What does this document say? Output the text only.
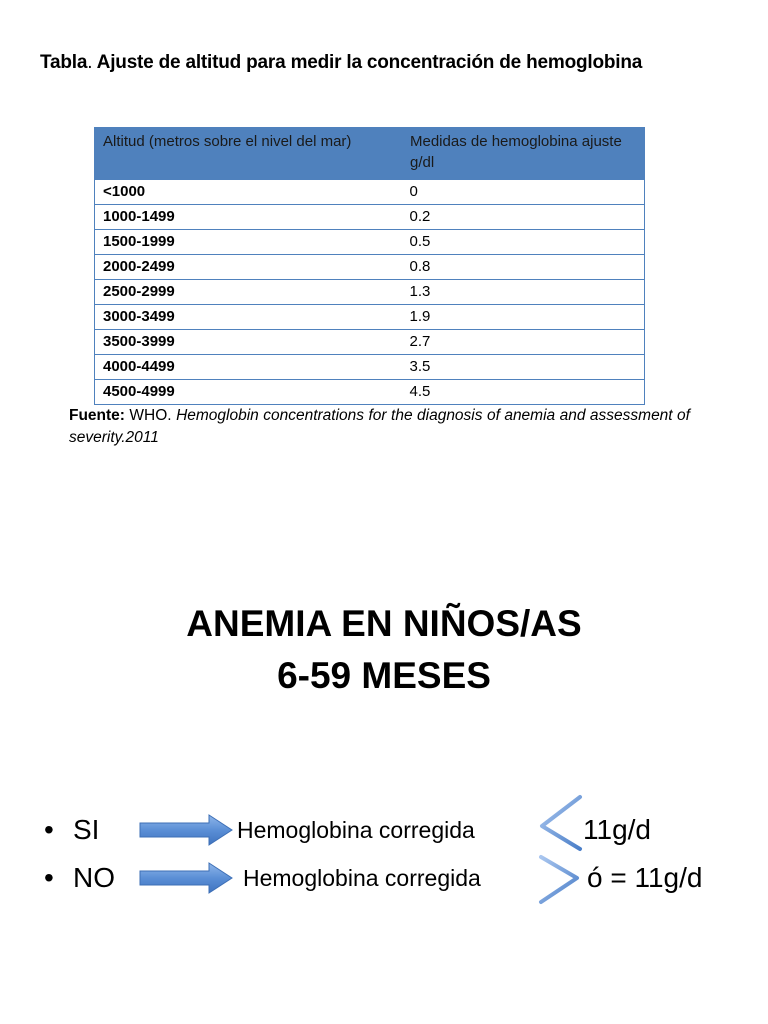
Tabla. Ajuste de altitud para medir la concentración de hemoglobina
Altitud (metros sobre el nivel del mar)	Medidas de hemoglobina ajuste g/dl
<1000	0
1000-1499	0.2
1500-1999	0.5
2000-2499	0.8
2500-2999	1.3
3000-3499	1.9
3500-3999	2.7
4000-4499	3.5
4500-4999	4.5
Fuente: WHO. Hemoglobin concentrations for the diagnosis of anemia and assessment of severity.2011
ANEMIA EN NIÑOS/AS
6-59 MESES
• SI	Hemoglobina corregida	11g/d
• NO	Hemoglobina corregida	ó = 11g/d
